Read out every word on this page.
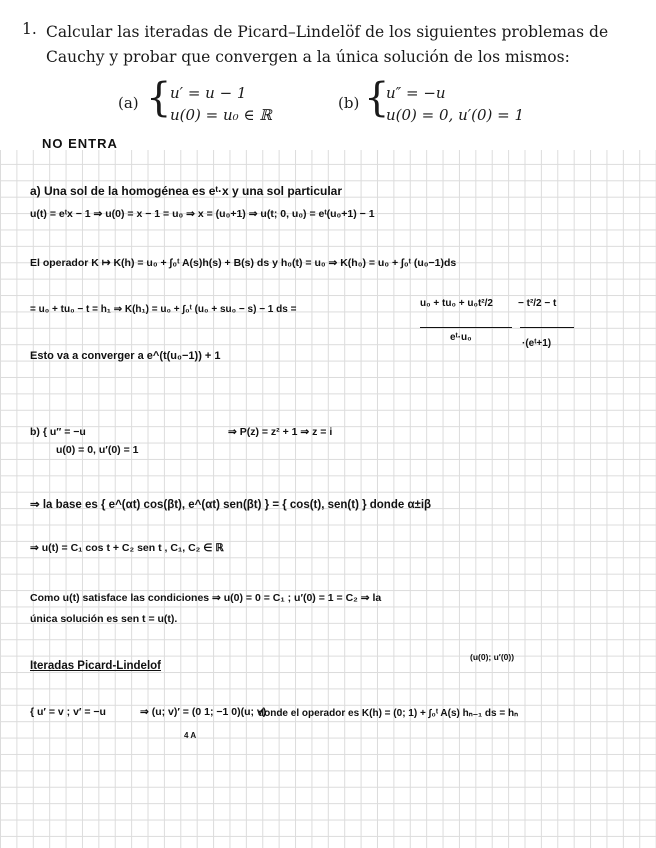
1. Calcular las iteradas de Picard–Lindelöf de los siguientes problemas de
Cauchy y probar que convergen a la única solución de los mismos:
(a) {
u′ = u − 1
u(0) = u₀ ∈ ℝ
(b) {
u″ = −u
u(0) = 0, u′(0) = 1
NO ENTRA
a) Una sol de la homogénea es eᵗ·x y una sol particular
u(t) = eᵗx − 1 ⇒ u(0) = x − 1 = u₀ ⇒ x = (u₀+1) ⇒ u(t; 0, u₀) = eᵗ(u₀+1) − 1
El operador K ↦ K(h) = u₀ + ∫₀ᵗ A(s)h(s) + B(s) ds y h₀(t) = u₀ ⇒ K(h₀) = u₀ + ∫₀ᵗ (u₀−1)ds
= u₀ + tu₀ − t = h₁ ⇒ K(h₁) = u₀ + ∫₀ᵗ (u₀ + su₀ − s) − 1 ds =
u₀ + tu₀ + u₀t²/2
eᵗ·u₀
− t²/2 − t
·(eᵗ+1)
Esto va a converger a e^(t(u₀−1)) + 1
b) { u″ = −u
u(0) = 0, u′(0) = 1
⇒ P(z) = z² + 1 ⇒ z = i
⇒ la base es { e^(αt) cos(βt), e^(αt) sen(βt) } = { cos(t), sen(t) } donde α±iβ
⇒ u(t) = C₁ cos t + C₂ sen t , C₁, C₂ ∈ ℝ
Como u(t) satisface las condiciones ⇒ u(0) = 0 = C₁ ; u′(0) = 1 = C₂ ⇒ la
única solución es sen t = u(t).
Iteradas Picard-Lindelof
(u(0); u′(0))
{ u′ = v ; v′ = −u	⇒ (u; v)′ = (0 1; −1 0)(u; v)
4 A
donde el operador es K(h) = (0; 1) + ∫₀ᵗ A(s) hₙ₋₁ ds = hₙ
